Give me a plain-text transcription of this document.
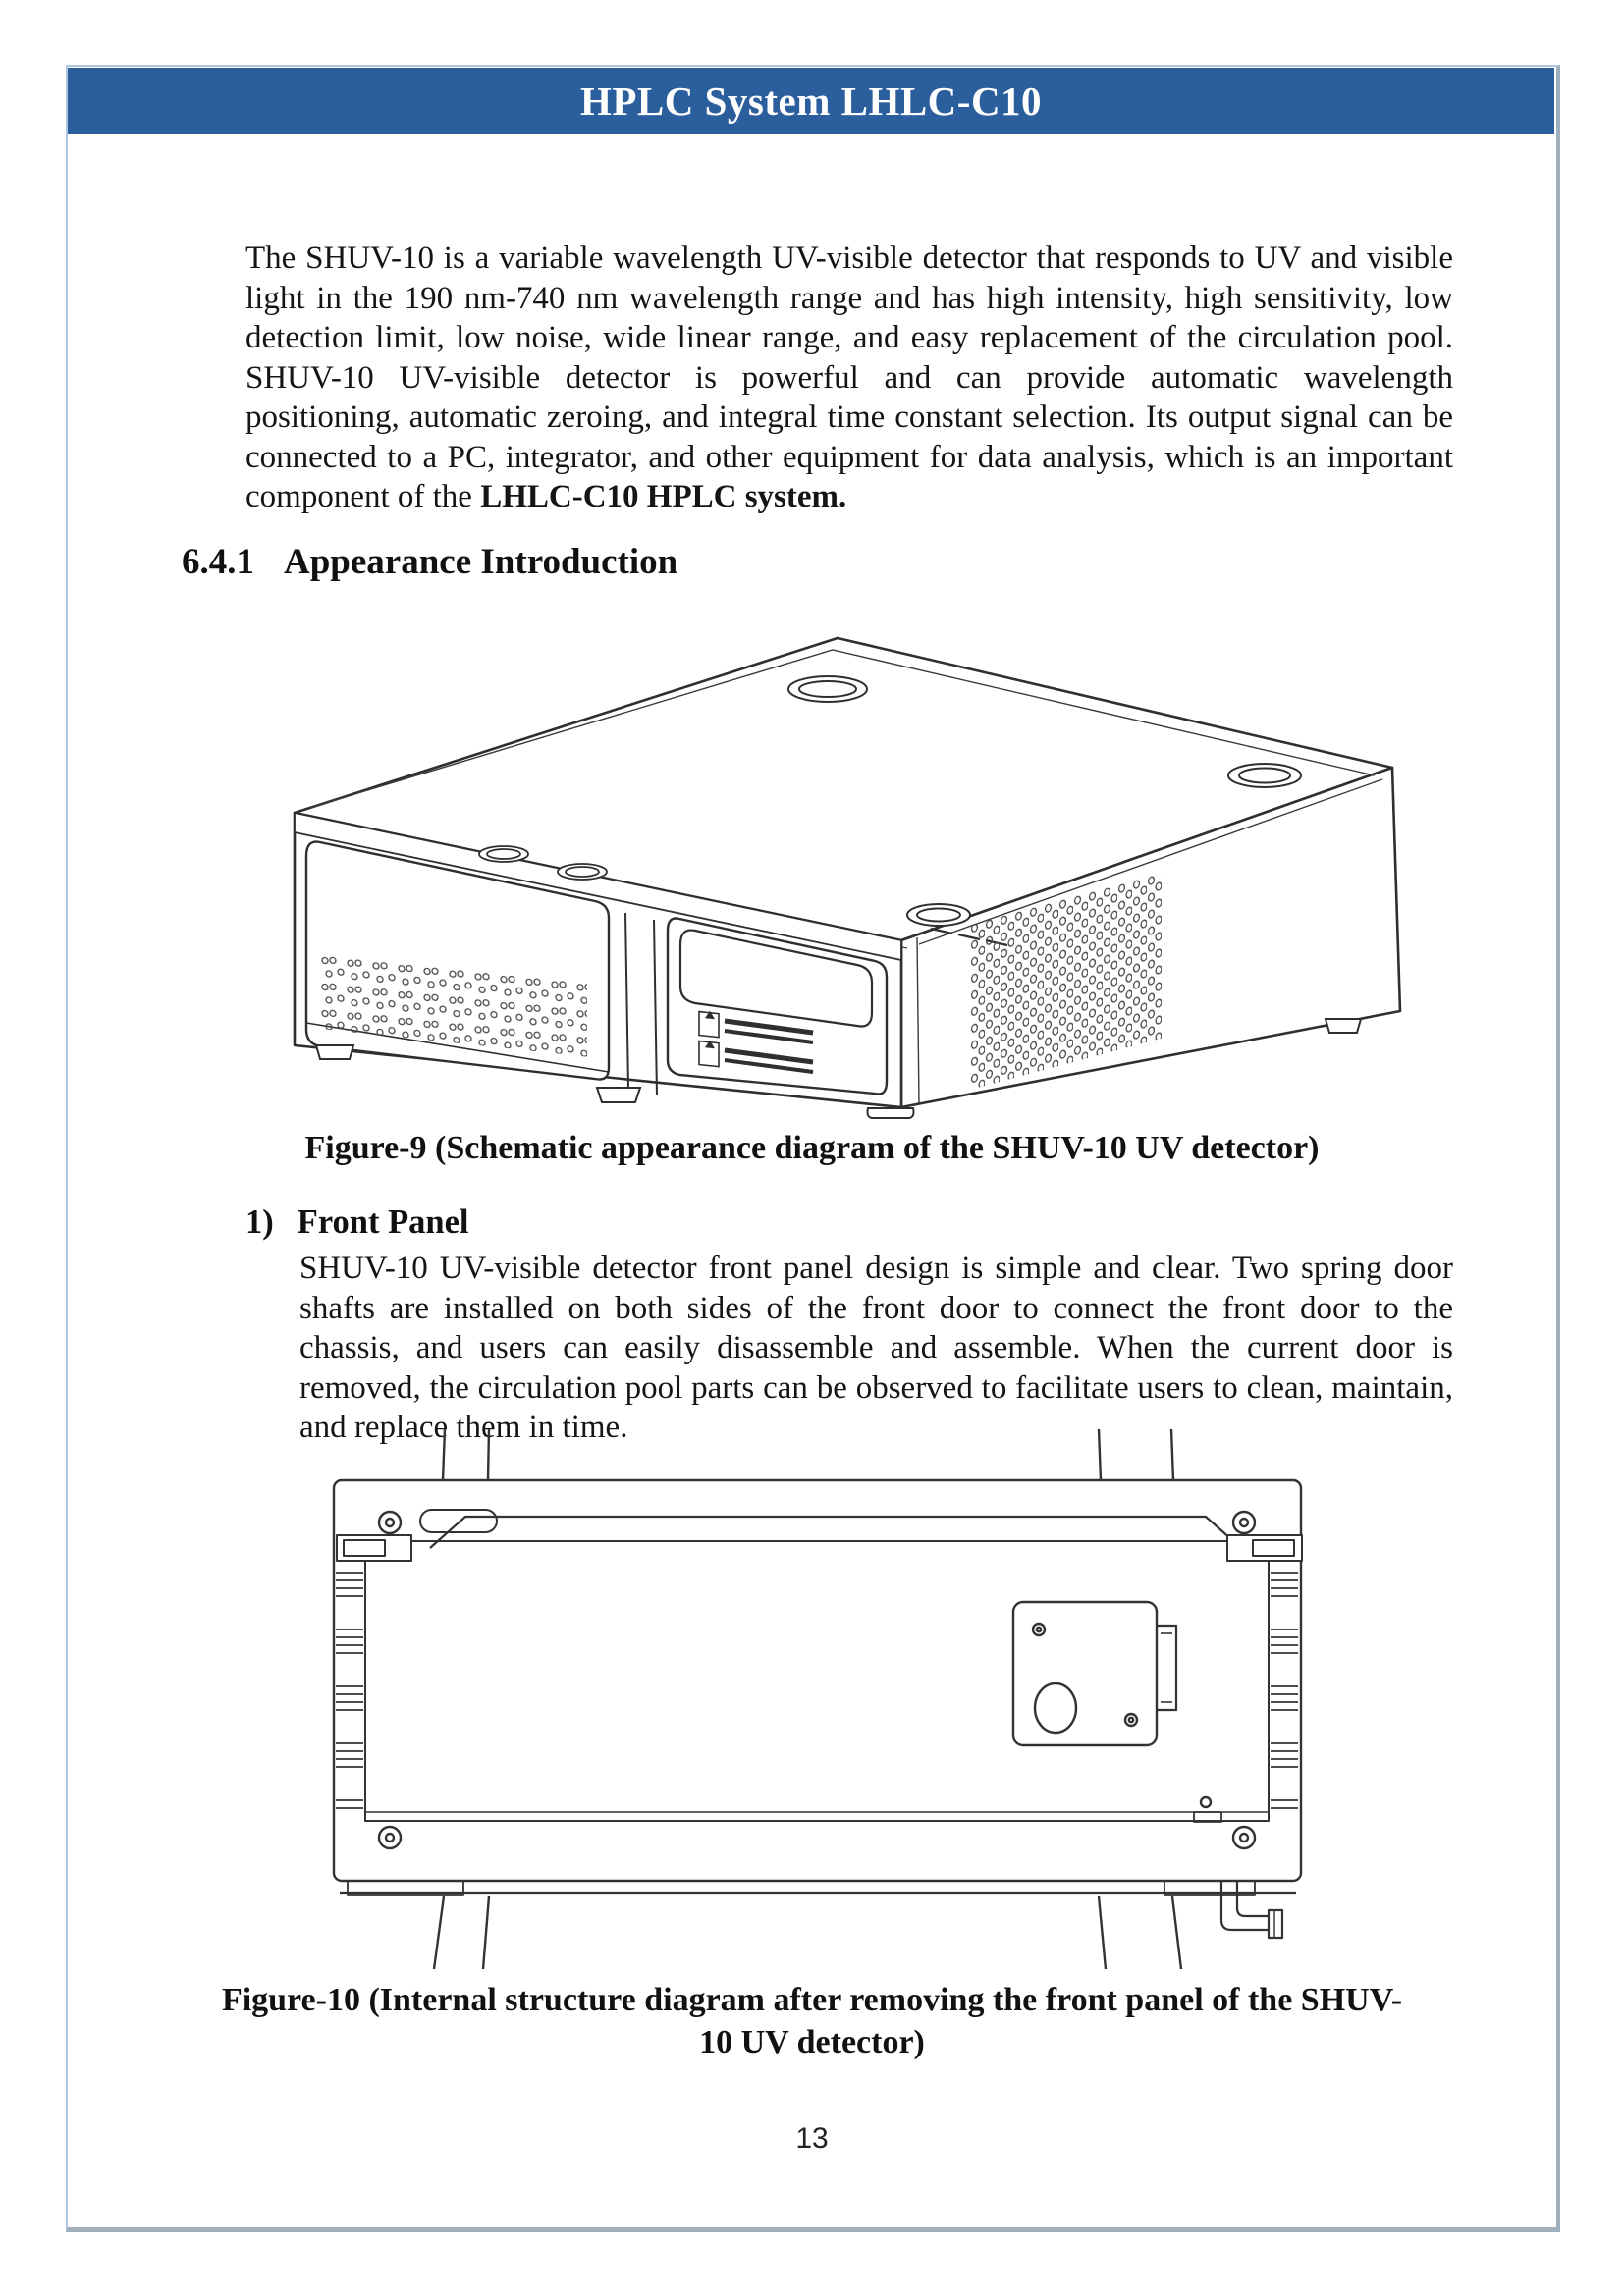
HPLC System LHLC-C10
The SHUV-10 is a variable wavelength UV-visible detector that responds to UV and visible light in the 190 nm-740 nm wavelength range and has high intensity, high sensitivity, low detection limit, low noise, wide linear range, and easy replacement of the circulation pool. SHUV-10 UV-visible detector is powerful and can provide automatic wavelength positioning, automatic zeroing, and integral time constant selection. Its output signal can be connected to a PC, integrator, and other equipment for data analysis, which is an important component of the LHLC-C10 HPLC system.
6.4.1 Appearance Introduction
Figure-9 (Schematic appearance diagram of the SHUV-10 UV detector)
1) Front Panel
SHUV-10 UV-visible detector front panel design is simple and clear. Two spring door shafts are installed on both sides of the front door to connect the front door to the chassis, and users can easily disassemble and assemble. When the current door is removed, the circulation pool parts can be observed to facilitate users to clean, maintain, and replace them in time.
Figure-10 (Internal structure diagram after removing the front panel of the SHUV-
10 UV detector)
13
